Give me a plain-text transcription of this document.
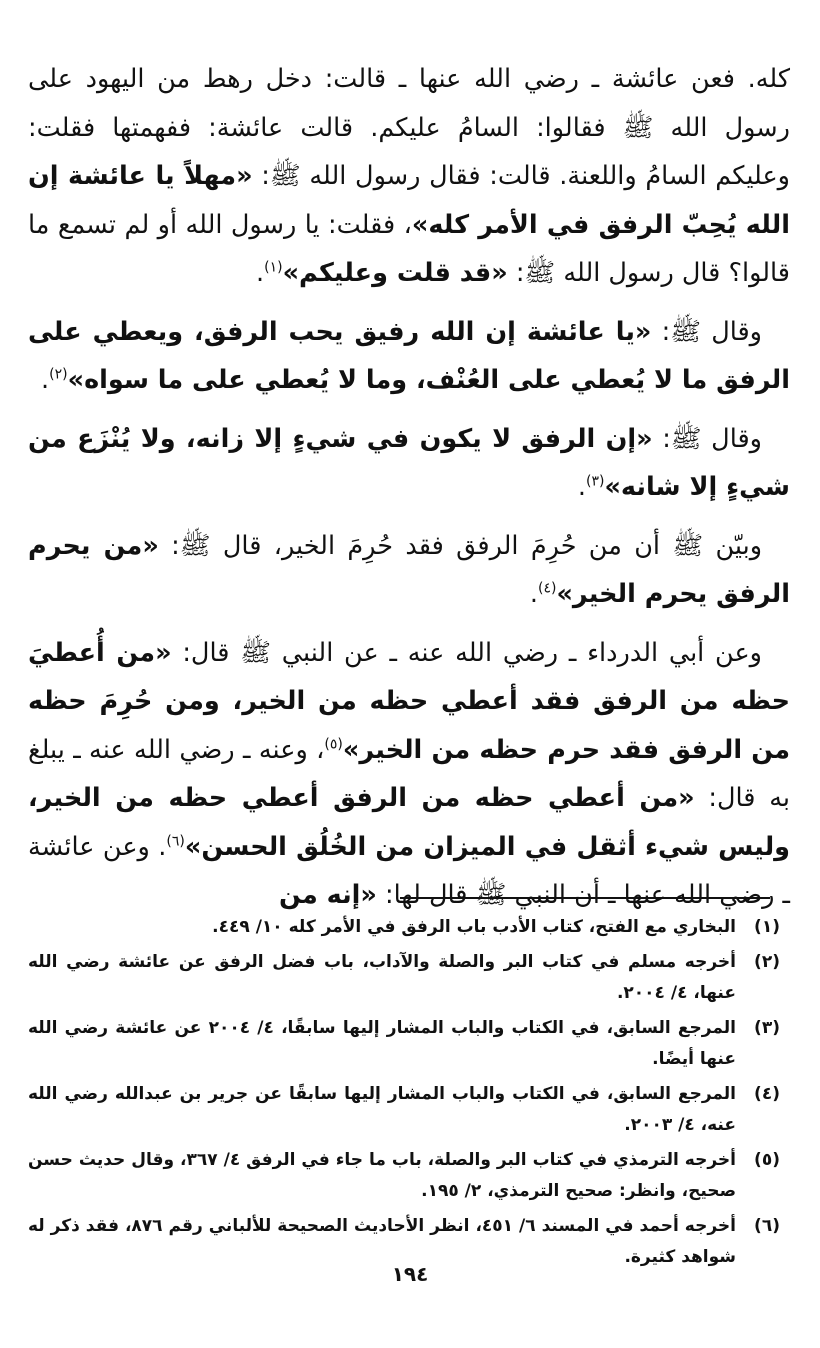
كله. فعن عائشة ـ رضي الله عنها ـ قالت: دخل رهط من اليهود على رسول الله ﷺ فقالوا: السامُ عليكم. قالت عائشة: ففهمتها فقلت: وعليكم السامُ واللعنة. قالت: فقال رسول الله ﷺ: «مهلاً يا عائشة إن الله يُحِبّ الرفق في الأمر كله»، فقلت: يا رسول الله أو لم تسمع ما قالوا؟ قال رسول الله ﷺ: «قد قلت وعليكم»$^{(١)}$.

وقال ﷺ: «يا عائشة إن الله رفيق يحب الرفق، ويعطي على الرفق ما لا يُعطي على العُنْف، وما لا يُعطي على ما سواه»$^{(٢)}$.

وقال ﷺ: «إن الرفق لا يكون في شيءٍ إلا زانه، ولا يُنْزَع من شيءٍ إلا شانه»$^{(٣)}$.

وبيّن ﷺ أن من حُرِمَ الرفق فقد حُرِمَ الخير، قال ﷺ: «من يحرم الرفق يحرم الخير»$^{(٤)}$.

وعن أبي الدرداء ـ رضي الله عنه ـ عن النبي ﷺ قال: «من أُعطيَ حظه من الرفق فقد أعطي حظه من الخير، ومن حُرِمَ حظه من الرفق فقد حرم حظه من الخير»$^{(٥)}$، وعنه ـ رضي الله عنه ـ يبلغ به قال: «من أعطي حظه من الرفق أعطي حظه من الخير، وليس شيء أثقل في الميزان من الخُلُق الحسن»$^{(٦)}$. وعن عائشة ـ رضي الله عنها ـ أن النبي ﷺ قال لها: «إنه من

(١)
البخاري مع الفتح، كتاب الأدب باب الرفق في الأمر كله ١٠/ ٤٤٩.
(٢)
أخرجه مسلم في كتاب البر والصلة والآداب، باب فضل الرفق عن عائشة رضي الله عنها، ٤/ ٢٠٠٤.
(٣)
المرجع السابق، في الكتاب والباب المشار إليها سابقًا، ٤/ ٢٠٠٤ عن عائشة رضي الله عنها أيضًا.
(٤)
المرجع السابق، في الكتاب والباب المشار إليها سابقًا عن جرير بن عبدالله رضي الله عنه، ٤/ ٢٠٠٣.
(٥)
أخرجه الترمذي في كتاب البر والصلة، باب ما جاء في الرفق ٤/ ٣٦٧، وقال حديث حسن صحيح، وانظر: صحيح الترمذي، ٢/ ١٩٥.
(٦)
أخرجه أحمد في المسند ٦/ ٤٥١، انظر الأحاديث الصحيحة للألباني رقم ٨٧٦، فقد ذكر له شواهد كثيرة.
١٩٤
